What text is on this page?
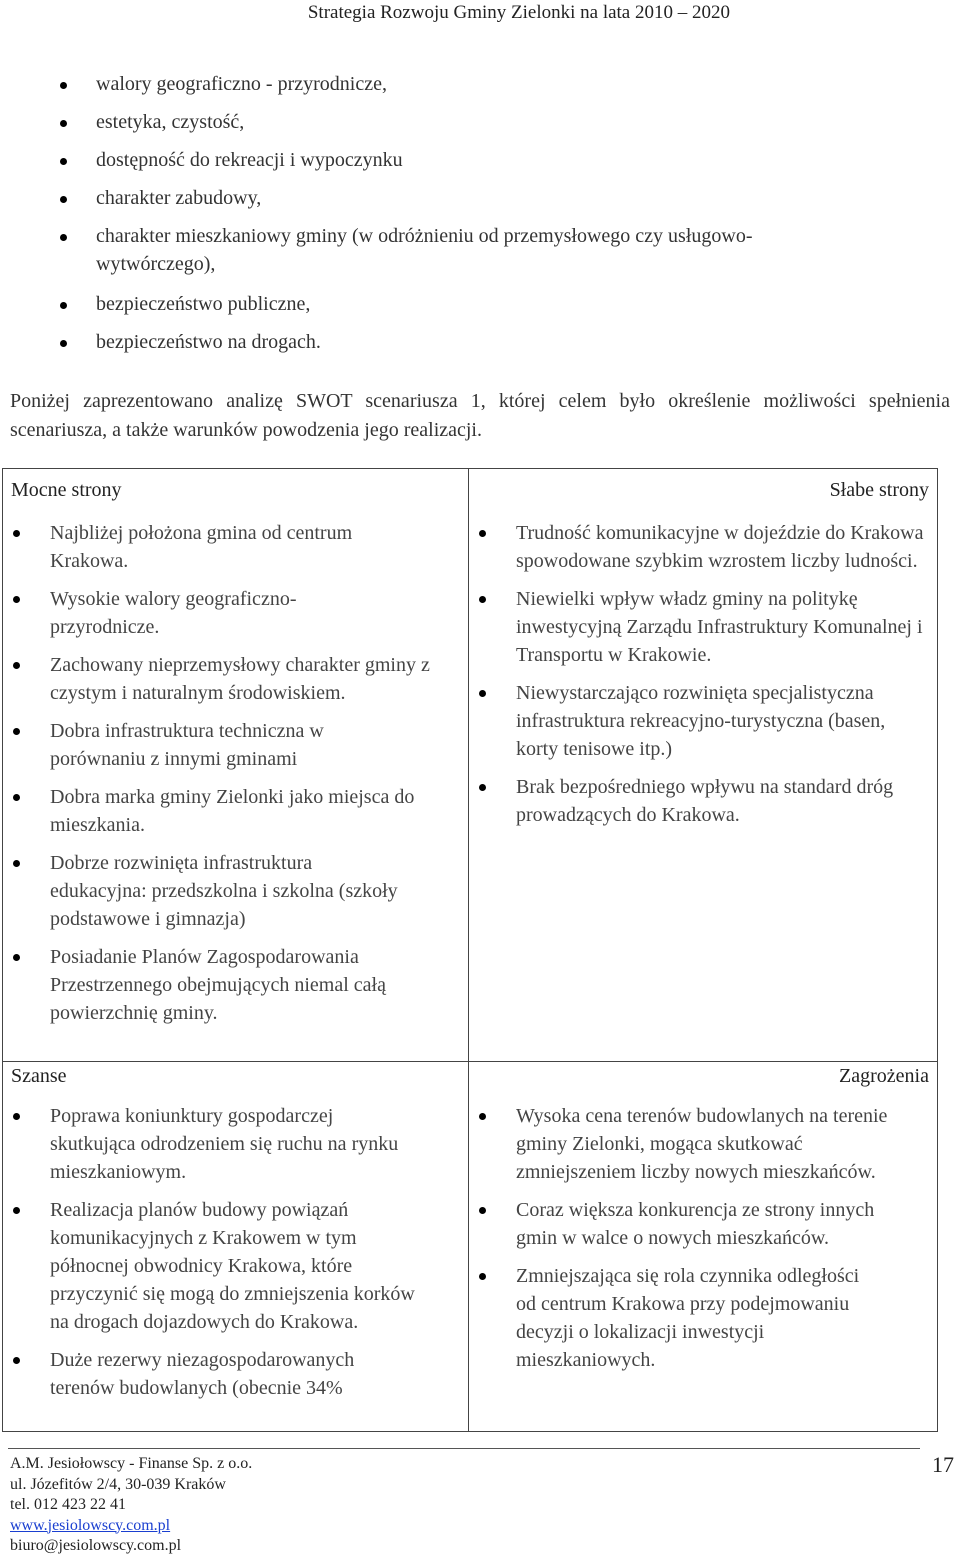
Strategia Rozwoju Gminy Zielonki na lata 2010 – 2020
walory geograficzno - przyrodnicze,
estetyka, czystość,
dostępność do rekreacji i wypoczynku
charakter zabudowy,
charakter mieszkaniowy gminy (w odróżnieniu od przemysłowego czy usługowo-wytwórczego),
bezpieczeństwo publiczne,
bezpieczeństwo na drogach.

Poniżej zaprezentowano analizę SWOT scenariusza 1, której celem było określenie możliwości spełnienia scenariusza, a także warunków powodzenia jego realizacji.

Mocne strony
Najbliżej położona gmina od centrum Krakowa.
Wysokie walory geograficzno-przyrodnicze.
Zachowany nieprzemysłowy charakter gminy z czystym i naturalnym środowiskiem.
Dobra infrastruktura techniczna w porównaniu z innymi gminami
Dobra marka gminy Zielonki jako miejsca do mieszkania.
Dobrze rozwinięta infrastruktura edukacyjna: przedszkolna i szkolna (szkoły podstawowe i gimnazja)
Posiadanie Planów Zagospodarowania Przestrzennego obejmujących niemal całą powierzchnię gminy.
Słabe strony
Trudność komunikacyjne w dojeździe do Krakowa spowodowane szybkim wzrostem liczby ludności.
Niewielki wpływ władz gminy na politykę inwestycyjną Zarządu Infrastruktury Komunalnej i Transportu w Krakowie.
Niewystarczająco rozwinięta specjalistyczna infrastruktura rekreacyjno-turystyczna (basen, korty tenisowe itp.)
Brak bezpośredniego wpływu na standard dróg prowadzących do Krakowa.
Szanse
Poprawa koniunktury gospodarczej skutkująca odrodzeniem się ruchu na rynku mieszkaniowym.
Realizacja planów budowy powiązań komunikacyjnych z Krakowem w tym północnej obwodnicy Krakowa, które przyczynić się mogą do zmniejszenia korków na drogach dojazdowych do Krakowa.
Duże rezerwy niezagospodarowanych terenów budowlanych (obecnie 34%
Zagrożenia
Wysoka cena terenów budowlanych na terenie gminy Zielonki, mogąca skutkować zmniejszeniem liczby nowych mieszkańców.
Coraz większa konkurencja ze strony innych gmin w walce o nowych mieszkańców.
Zmniejszająca się rola czynnika odległości od centrum Krakowa przy podejmowaniu decyzji o lokalizacji inwestycji mieszkaniowych.
A.M. Jesiołowscy - Finanse Sp. z o.o.
ul. Józefitów 2/4, 30-039 Kraków
tel. 012 423 22 41
www.jesiolowscy.com.pl
biuro@jesiolowscy.com.pl
17
